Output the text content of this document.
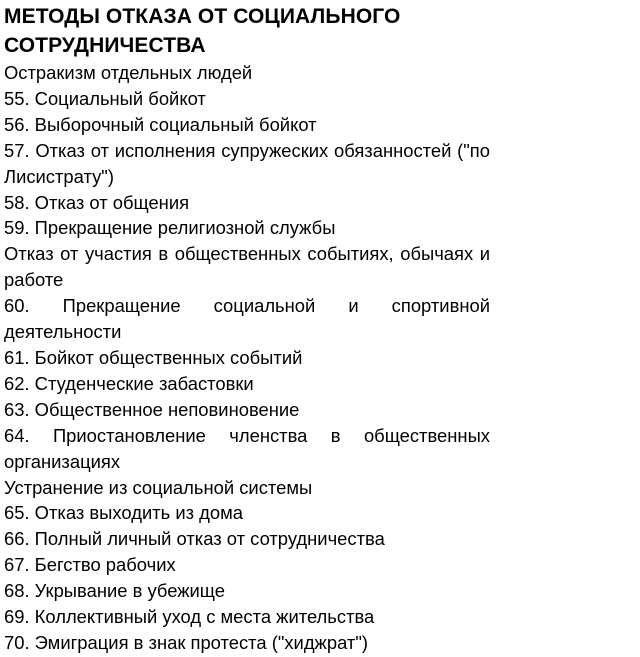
МЕТОДЫ ОТКАЗА ОТ СОЦИАЛЬНОГО
СОТРУДНИЧЕСТВА

Остракизм отдельных людей

55. Социальный бойкот

56. Выборочный социальный бойкот

57. Отказ от исполнения супружеских обязанностей ("по Лисистрату")

58. Отказ от общения

59. Прекращение религиозной службы

Отказ от участия в общественных событиях, обычаях и работе

60. Прекращение социальной и спортивной деятельности

61. Бойкот общественных событий

62. Студенческие забастовки

63. Общественное неповиновение

64. Приостановление членства в общественных организациях

Устранение из социальной системы

65. Отказ выходить из дома

66. Полный личный отказ от сотрудничества

67. Бегство рабочих

68. Укрывание в убежище

69. Коллективный уход с места жительства

70. Эмиграция в знак протеста ("хиджрат")
